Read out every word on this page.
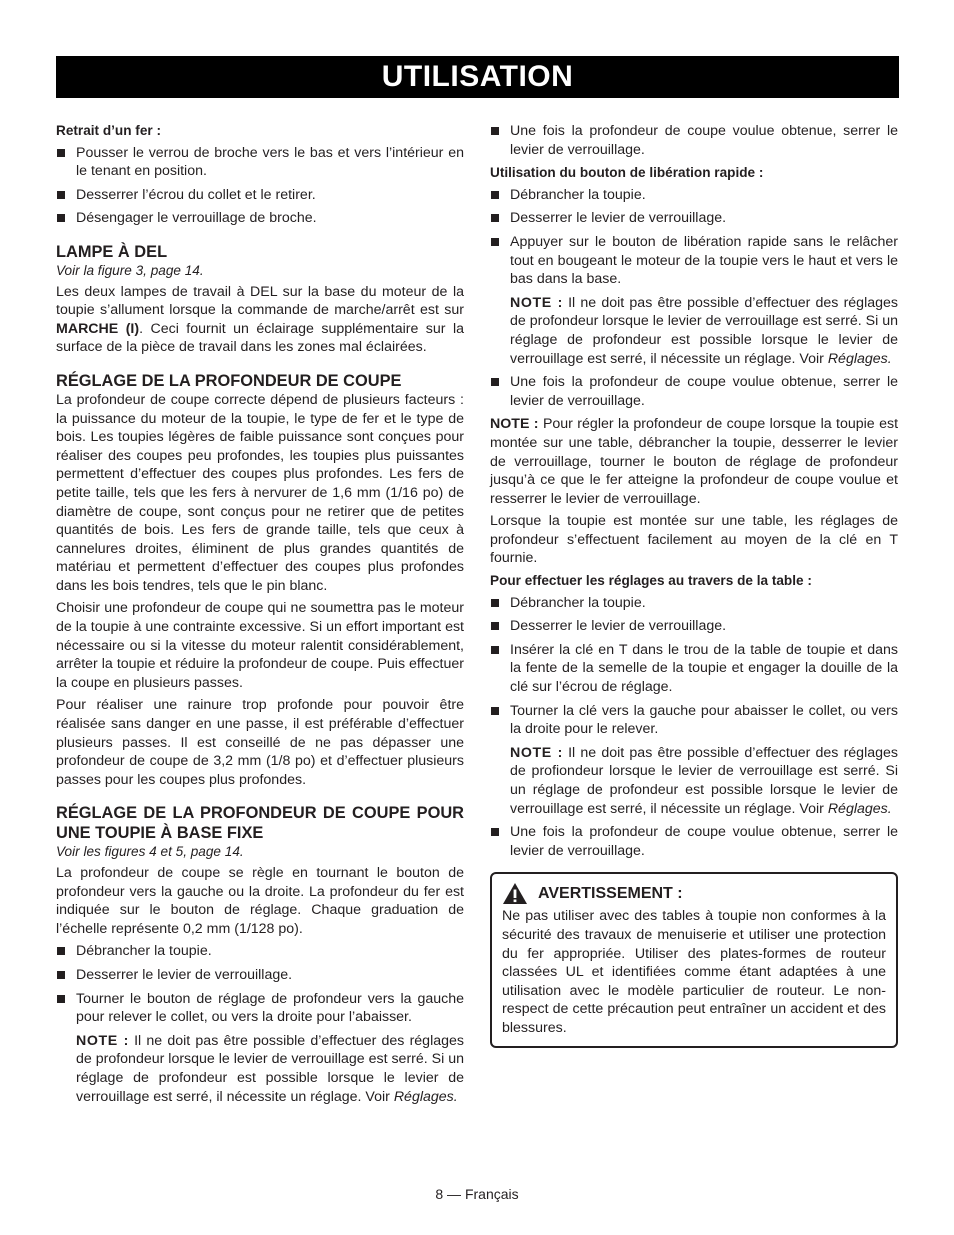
UTILISATION
Retrait d’un fer :
Pousser le verrou de broche vers le bas et vers l’intérieur en le tenant en position.
Desserrer l’écrou du collet et le retirer.
Désengager le verrouillage de broche.
LAMPE À DEL
Voir la figure 3, page 14.

Les deux lampes de travail à DEL sur la base du moteur de la toupie s’allument lorsque la commande de marche/arrêt est sur MARCHE (I). Ceci fournit un éclairage supplémentaire sur la surface de la pièce de travail dans les zones mal éclairées.

RÉGLAGE DE LA PROFONDEUR DE COUPE

La profondeur de coupe correcte dépend de plusieurs facteurs : la puissance du moteur de la toupie, le type de fer et le type de bois. Les toupies légères de faible puissance sont conçues pour réaliser des coupes peu profondes, les toupies plus puissantes permettent d’effectuer des coupes plus profondes. Les fers de petite taille, tels que les fers à nervurer de 1,6 mm (1/16 po) de diamètre de coupe, sont conçus pour ne retirer que de petites quantités de bois. Les fers de grande taille, tels que ceux à cannelures droites, éliminent de plus grandes quantités de matériau et permettent d’effectuer des coupes plus profondes dans les bois tendres, tels que le pin blanc.

Choisir une profondeur de coupe qui ne soumettra pas le moteur de la toupie à une contrainte excessive. Si un effort important est nécessaire ou si la vitesse du moteur ralentit considérablement, arrêter la toupie et réduire la profondeur de coupe. Puis effectuer la coupe en plusieurs passes.

Pour réaliser une rainure trop profonde pour pouvoir être réalisée sans danger en une passe, il est préférable d’effectuer plusieurs passes. Il est conseillé de ne pas dépasser une profondeur de coupe de 3,2 mm (1/8 po) et d’effectuer plusieurs passes pour les coupes plus profondes.

RÉGLAGE DE LA PROFONDEUR DE COUPE POUR UNE TOUPIE À BASE FIXE
Voir les figures 4 et 5, page 14.

La profondeur de coupe se règle en tournant le bouton de profondeur vers la gauche ou la droite. La profondeur du fer est indiquée sur le bouton de réglage. Chaque graduation de l’échelle représente 0,2 mm (1/128 po).

Débrancher la toupie.
Desserrer le levier de verrouillage.
Tourner le bouton de réglage de profondeur vers la gauche pour relever le collet, ou vers la droite pour l’abaisser.
NOTE : Il ne doit pas être possible d’effectuer des réglages de profondeur lorsque le levier de verrouillage est serré. Si un réglage de profondeur est possible lorsque le levier de verrouillage est serré, il nécessite un réglage. Voir Réglages.
Une fois la profondeur de coupe voulue obtenue, serrer le levier de verrouillage.
Utilisation du bouton de libération rapide :
Débrancher la toupie.
Desserrer le levier de verrouillage.
Appuyer sur le bouton de libération rapide sans le relâcher tout en bougeant le moteur de la toupie vers le haut et vers le bas dans la base.
NOTE : Il ne doit pas être possible d’effectuer des réglages de profondeur lorsque le levier de verrouillage est serré. Si un réglage de profondeur est possible lorsque le levier de verrouillage est serré, il nécessite un réglage. Voir Réglages.
Une fois la profondeur de coupe voulue obtenue, serrer le levier de verrouillage.

NOTE : Pour régler la profondeur de coupe lorsque la toupie est montée sur une table, débrancher la toupie, desserrer le levier de verrouillage, tourner le bouton de réglage de profondeur jusqu’à ce que le fer atteigne la profondeur de coupe voulue et resserrer le levier de verrouillage.

Lorsque la toupie est montée sur une table, les réglages de profondeur s’effectuent facilement au moyen de la clé en T fournie.

Pour effectuer les réglages au travers de la table :
Débrancher la toupie.
Desserrer le levier de verrouillage.
Insérer la clé en T dans le trou de la table de toupie et dans la fente de la semelle de la toupie et engager la douille de la clé sur l’écrou de réglage.
Tourner la clé vers la gauche pour abaisser le collet, ou vers la droite pour le relever.
NOTE : Il ne doit pas être possible d’effectuer des réglages de profiondeur lorsque le levier de verrouillage est serré. Si un réglage de profondeur est possible lorsque le levier de verrouillage est serré, il nécessite un réglage. Voir Réglages.
Une fois la profondeur de coupe voulue obtenue, serrer le levier de verrouillage.
AVERTISSEMENT :

Ne pas utiliser avec des tables à toupie non conformes à la sécurité des travaux de menuiserie et utiliser une protection du fer appropriée. Utiliser des plates-formes de routeur classées UL et identifiées comme étant adaptées à une utilisation avec le modèle particulier de routeur. Le non-respect de cette précaution peut entraîner un accident et des blessures.

8 — Français
